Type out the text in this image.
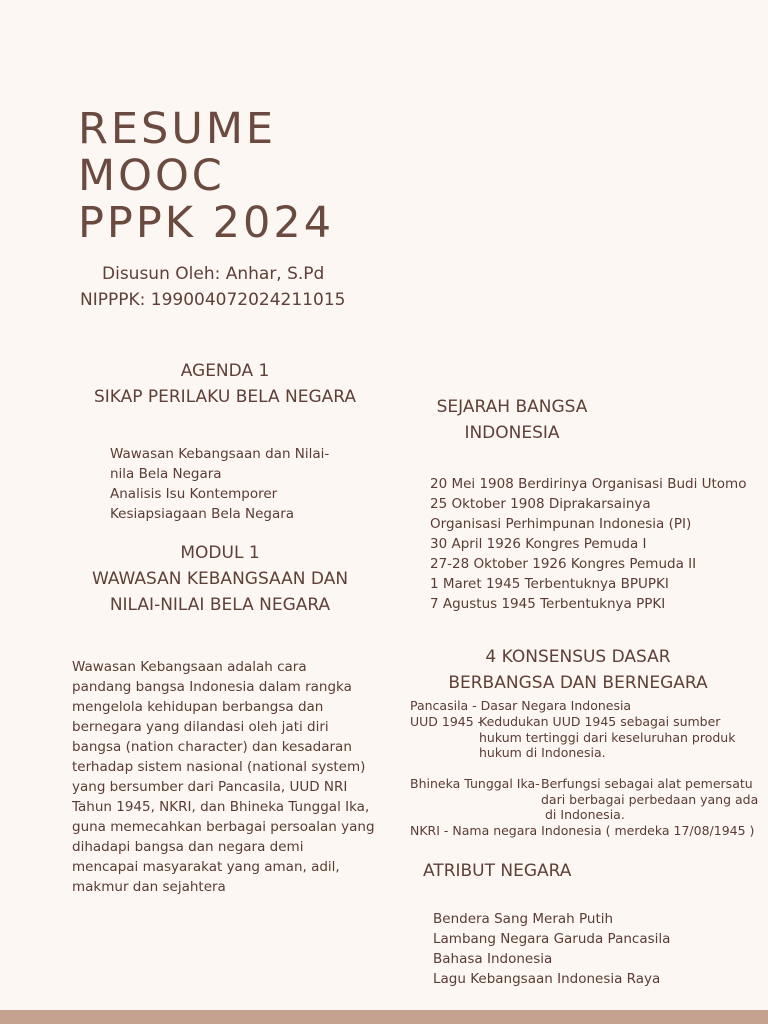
RESUME
MOOC
PPPK 2024
Disusun Oleh: Anhar, S.Pd
NIPPPK: 199004072024211015
AGENDA 1
SIKAP PERILAKU BELA NEGARA
Wawasan Kebangsaan dan Nilai-
nila Bela Negara
Analisis Isu Kontemporer
Kesiapsiagaan Bela Negara
MODUL 1
WAWASAN KEBANGSAAN DAN
NILAI-NILAI BELA NEGARA
Wawasan Kebangsaan adalah cara
pandang bangsa Indonesia dalam rangka
mengelola kehidupan berbangsa dan
bernegara yang dilandasi oleh jati diri
bangsa (nation character) dan kesadaran
terhadap sistem nasional (national system)
yang bersumber dari Pancasila, UUD NRI
Tahun 1945, NKRI, dan Bhineka Tunggal Ika,
guna memecahkan berbagai persoalan yang
dihadapi bangsa dan negara demi
mencapai masyarakat yang aman, adil,
makmur dan sejahtera
SEJARAH BANGSA
INDONESIA
20 Mei 1908 Berdirinya Organisasi Budi Utomo
25 Oktober 1908 Diprakarsainya
Organisasi Perhimpunan Indonesia (PI)
30 April 1926 Kongres Pemuda I
27-28 Oktober 1926 Kongres Pemuda II
1 Maret 1945 Terbentuknya BPUPKI
7 Agustus 1945 Terbentuknya PPKI
4 KONSENSUS DASAR
BERBANGSA DAN BERNEGARA
Pancasila - Dasar Negara Indonesia
UUD 1945 -
Kedudukan UUD 1945 sebagai sumber
hukum tertinggi dari keseluruhan produk
hukum di Indonesia.
Bhineka Tunggal Ika- Berfungsi sebagai alat pemersatu
dari berbagai perbedaan yang ada
di Indonesia.
NKRI - Nama negara Indonesia ( merdeka 17/08/1945 )
ATRIBUT NEGARA
Bendera Sang Merah Putih
Lambang Negara Garuda Pancasila
Bahasa Indonesia
Lagu Kebangsaan Indonesia Raya
